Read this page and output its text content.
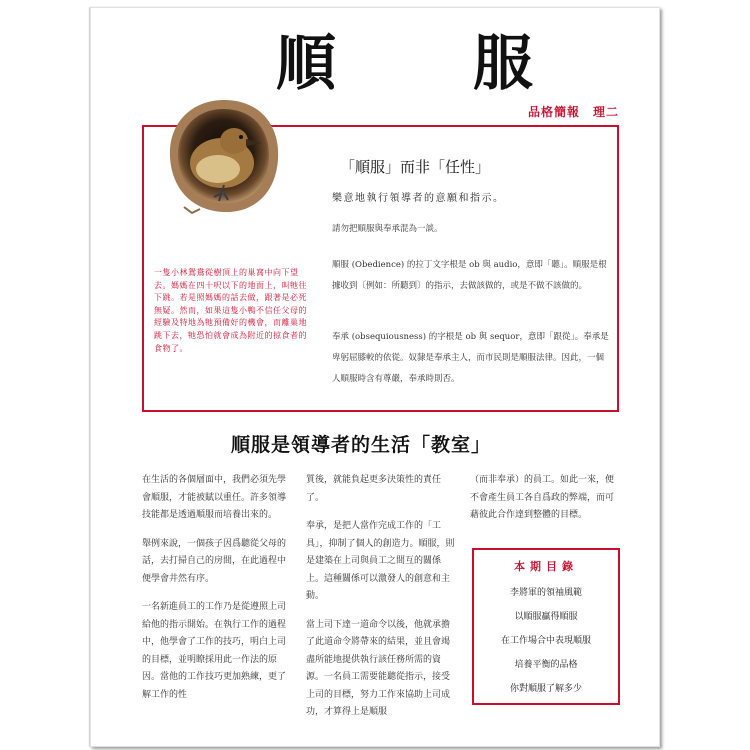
順 服
品格簡報　理二
一隻小林鴛鴦從樹頂上的巢窩中向下望去。媽媽在四十呎以下的地面上，叫牠往下跳。若是照媽媽的話去做，跟著是必死無疑。然而，如果這隻小鴨不信任父母的經驗及特地為牠預備好的機會，而離巢地跳下去，牠恐怕就會成為附近的掠食者的食物了。
「順服」而非「任性」
樂意地執行領導者的意願和指示。
請勿把順服與奉承混為一談。
順服 (Obedience) 的拉丁文字根是 ob 與 audio，意即「聽」。順服是根據收到〔例如：所聽到〕的指示，去做該做的，或是不做不該做的。
奉承 (obsequiousness) 的字根是 ob 與 sequor，意即「跟從」。奉承是卑躬屈膝較的依從。奴隸是奉承主人，而市民則是順服法律。因此，一個人順服時含有尊嚴，奉承時則否。
順服是領導者的生活「教室」

在生活的各個層面中，我們必須先學會順服，才能被賦以重任。許多領導技能都是透過順服而培養出來的。

舉例來說，一個孩子因爲聽從父母的話，去打掃自己的房間，在此過程中便學會井然有序。

一名新進員工的工作乃是從遵照上司給他的指示開始。在執行工作的過程中，他學會了工作的技巧，明白上司的目標，並明瞭採用此一作法的原因。當他的工作技巧更加熟練，更了解工作的性

質後，就能負起更多決策性的責任了。

奉承，是把人當作完成工作的「工具」，抑制了個人的創造力。順服，則是建築在上司與員工之間互的關係上。這種關係可以激發人的創意和主動。

當上司下達一道命令以後，他就承擔了此道命令將帶來的結果，並且會竭盡所能地提供執行該任務所需的資源。一名員工需要能聽從指示，接受上司的目標，努力工作來協助上司成功，才算得上是順服

（而非奉承）的員工。如此一來，便不會產生員工各自爲政的弊端，而可藉彼此合作達到整體的目標。

本期目錄
李將軍的領袖風範
以順服贏得順服
在工作場合中表現順服
培養平衡的品格
你對順服了解多少
